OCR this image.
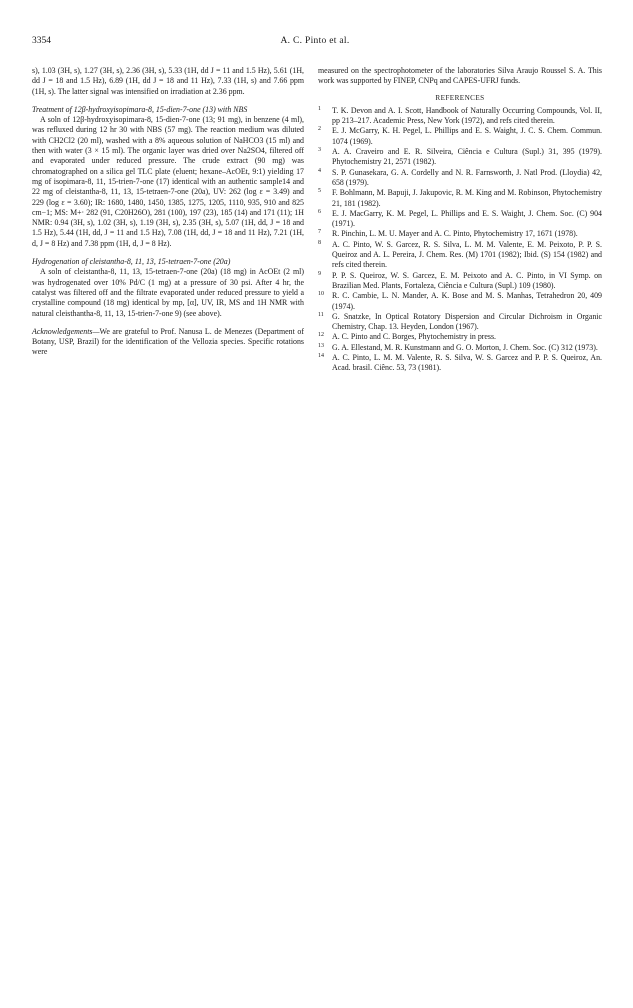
3354	A. C. Pinto et al.

s), 1.03 (3H, s), 1.27 (3H, s), 2.36 (3H, s), 5.33 (1H, dd J = 11 and 1.5 Hz), 5.61 (1H, dd J = 18 and 1.5 Hz), 6.89 (1H, dd J = 18 and 11 Hz), 7.33 (1H, s) and 7.66 ppm (1H, s). The latter signal was intensified on irradiation at 2.36 ppm.

Treatment of 12β-hydroxyisopimara-8, 15-dien-7-one (13) with NBS

A soln of 12β-hydroxyisopimara-8, 15-dien-7-one (13; 91 mg), in benzene (4 ml), was refluxed during 12 hr 30 with NBS (57 mg). The reaction medium was diluted with CH2Cl2 (20 ml), washed with a 8% aqueous solution of NaHCO3 (15 ml) and then with water (3 × 15 ml). The organic layer was dried over Na2SO4, filtered off and evaporated under reduced pressure. The crude extract (90 mg) was chromatographed on a silica gel TLC plate (eluent; hexane–AcOEt, 9:1) yielding 17 mg of isopimara-8, 11, 15-trien-7-one (17) identical with an authentic sample14 and 22 mg of cleistantha-8, 11, 13, 15-tetraen-7-one (20a), UV: 262 (log ε = 3.49) and 229 (log ε = 3.60); IR: 1680, 1480, 1450, 1385, 1275, 1205, 1110, 935, 910 and 825 cm−1; MS: M+· 282 (91, C20H26O), 281 (100), 197 (23), 185 (14) and 171 (11); 1H NMR: 0.94 (3H, s), 1.02 (3H, s), 1.19 (3H, s), 2.35 (3H, s), 5.07 (1H, dd, J = 18 and 1.5 Hz), 5.44 (1H, dd, J = 11 and 1.5 Hz), 7.08 (1H, dd, J = 18 and 11 Hz), 7.21 (1H, d, J = 8 Hz) and 7.38 ppm (1H, d, J = 8 Hz).

Hydrogenation of cleistantha-8, 11, 13, 15-tetraen-7-one (20a)

A soln of cleistantha-8, 11, 13, 15-tetraen-7-one (20a) (18 mg) in AcOEt (2 ml) was hydrogenated over 10% Pd/C (1 mg) at a pressure of 30 psi. After 4 hr, the catalyst was filtered off and the filtrate evaporated under reduced pressure to yield a crystalline compound (18 mg) identical by mp, [α], UV, IR, MS and 1H NMR with natural cleisthantha-8, 11, 13, 15-trien-7-one 9) (see above).

Acknowledgements—We are grateful to Prof. Nanusa L. de Menezes (Department of Botany, USP, Brazil) for the identification of the Vellozia species. Specific rotations were

measured on the spectrophotometer of the laboratories Silva Araujo Roussel S. A. This work was supported by FINEP, CNPq and CAPES-UFRJ funds.

REFERENCES

1 T. K. Devon and A. I. Scott, Handbook of Naturally Occurring Compounds, Vol. II, pp 213–217. Academic Press, New York (1972), and refs cited therein.

2 E. J. McGarry, K. H. Pegel, L. Phillips and E. S. Waight, J. C. S. Chem. Commun. 1074 (1969).

3 A. A. Craveiro and E. R. Silveira, Ciência e Cultura (Supl.) 31, 395 (1979). Phytochemistry 21, 2571 (1982).

4 S. P. Gunasekara, G. A. Cordelly and N. R. Farnsworth, J. Natl Prod. (Lloydia) 42, 658 (1979).

5 F. Bohlmann, M. Bapuji, J. Jakupovic, R. M. King and M. Robinson, Phytochemistry 21, 181 (1982).

6 E. J. MacGarry, K. M. Pegel, L. Phillips and E. S. Waight, J. Chem. Soc. (C) 904 (1971).

7 R. Pinchin, L. M. U. Mayer and A. C. Pinto, Phytochemistry 17, 1671 (1978).

8 A. C. Pinto, W. S. Garcez, R. S. Silva, L. M. M. Valente, E. M. Peixoto, P. P. S. Queiroz and A. L. Pereira, J. Chem. Res. (M) 1701 (1982); Ibid. (S) 154 (1982) and refs cited therein.

9 P. P. S. Queiroz, W. S. Garcez, E. M. Peixoto and A. C. Pinto, in VI Symp. on Brazilian Med. Plants, Fortaleza, Ciência e Cultura (Supl.) 109 (1980).

10 R. C. Cambie, L. N. Mander, A. K. Bose and M. S. Manhas, Tetrahedron 20, 409 (1974).

11 G. Snatzke, In Optical Rotatory Dispersion and Circular Dichroism in Organic Chemistry, Chap. 13. Heyden, London (1967).

12 A. C. Pinto and C. Borges, Phytochemistry in press.

13 G. A. Ellestand, M. R. Kunstmann and G. O. Morton, J. Chem. Soc. (C) 312 (1973).

14 A. C. Pinto, L. M. M. Valente, R. S. Silva, W. S. Garcez and P. P. S. Queiroz, An. Acad. brasil. Ciênc. 53, 73 (1981).
